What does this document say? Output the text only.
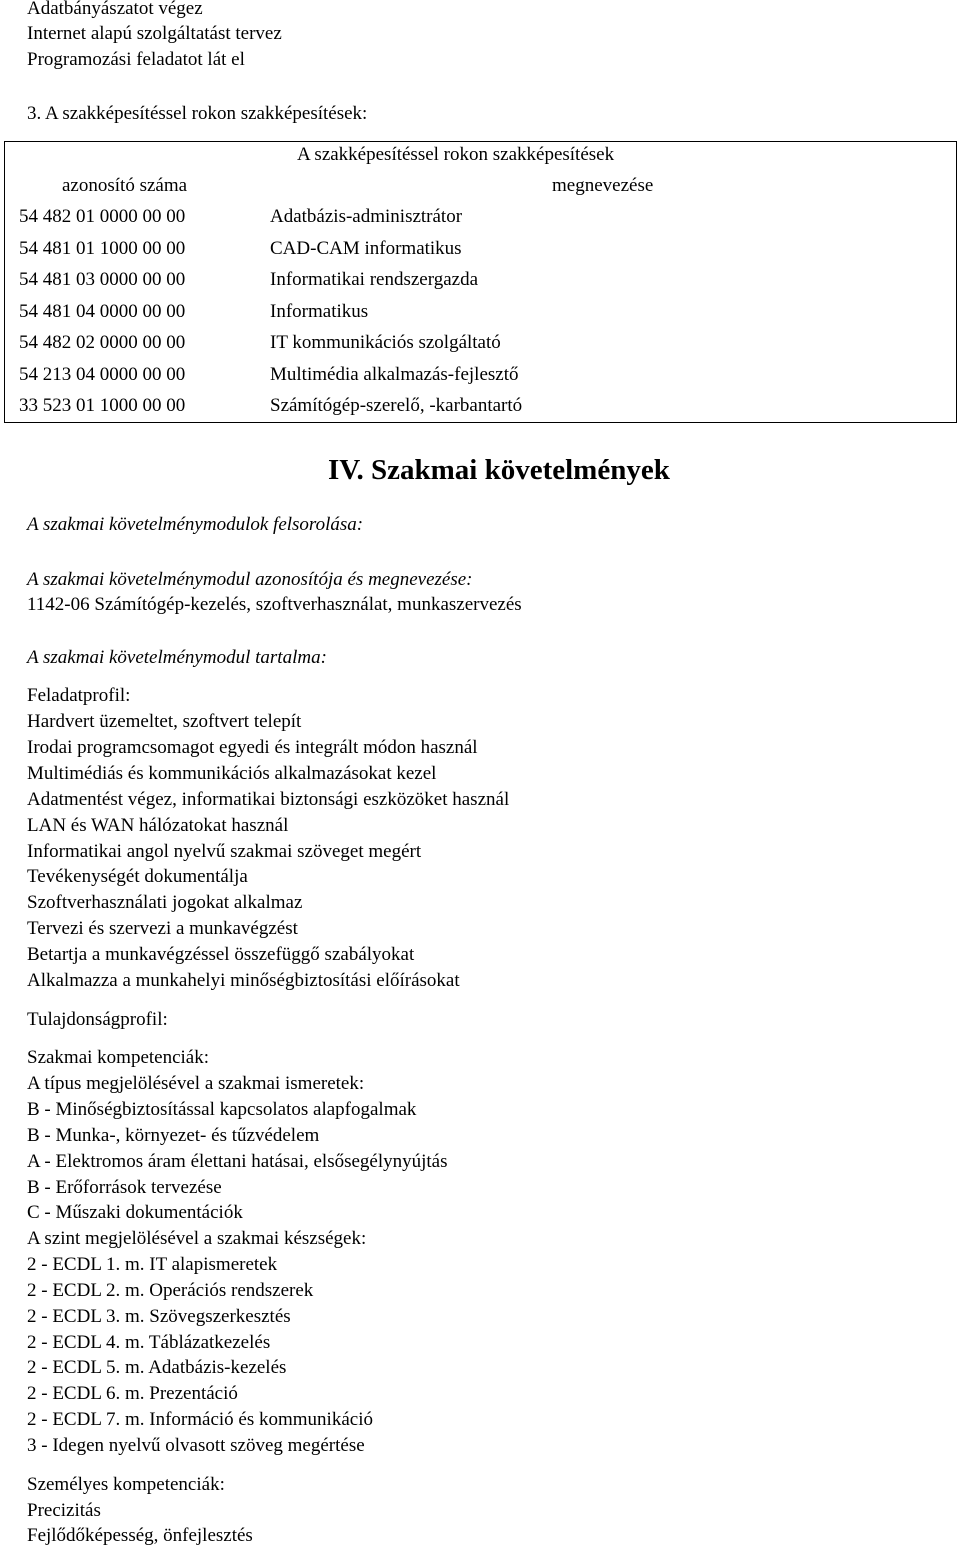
Adatbányászatot végez
Internet alapú szolgáltatást tervez
Programozási feladatot lát el
3. A szakképesítéssel rokon szakképesítések:
A szakképesítéssel rokon szakképesítések
azonosító száma	megnevezése
54 482 01 0000 00 00	Adatbázis-adminisztrátor
54 481 01 1000 00 00	CAD-CAM informatikus
54 481 03 0000 00 00	Informatikai rendszergazda
54 481 04 0000 00 00	Informatikus
54 482 02 0000 00 00	IT kommunikációs szolgáltató
54 213 04 0000 00 00	Multimédia alkalmazás-fejlesztő
33 523 01 1000 00 00	Számítógép-szerelő, -karbantartó
IV. Szakmai követelmények
A szakmai követelménymodulok felsorolása:
A szakmai követelménymodul azonosítója és megnevezése:
1142-06 Számítógép-kezelés, szoftverhasználat, munkaszervezés
A szakmai követelménymodul tartalma:
Feladatprofil:
Hardvert üzemeltet, szoftvert telepít
Irodai programcsomagot egyedi és integrált módon használ
Multimédiás és kommunikációs alkalmazásokat kezel
Adatmentést végez, informatikai biztonsági eszközöket használ
LAN és WAN hálózatokat használ
Informatikai angol nyelvű szakmai szöveget megért
Tevékenységét dokumentálja
Szoftverhasználati jogokat alkalmaz
Tervezi és szervezi a munkavégzést
Betartja a munkavégzéssel összefüggő szabályokat
Alkalmazza a munkahelyi minőségbiztosítási előírásokat
Tulajdonságprofil:
Szakmai kompetenciák:
A típus megjelölésével a szakmai ismeretek:
B - Minőségbiztosítással kapcsolatos alapfogalmak
B - Munka-, környezet- és tűzvédelem
A - Elektromos áram élettani hatásai, elsősegélynyújtás
B - Erőforrások tervezése
C - Műszaki dokumentációk
A szint megjelölésével a szakmai készségek:
2 - ECDL 1. m. IT alapismeretek
2 - ECDL 2. m. Operációs rendszerek
2 - ECDL 3. m. Szövegszerkesztés
2 - ECDL 4. m. Táblázatkezelés
2 - ECDL 5. m. Adatbázis-kezelés
2 - ECDL 6. m. Prezentáció
2 - ECDL 7. m. Információ és kommunikáció
3 - Idegen nyelvű olvasott szöveg megértése
Személyes kompetenciák:
Precizitás
Fejlődőképesség, önfejlesztés
